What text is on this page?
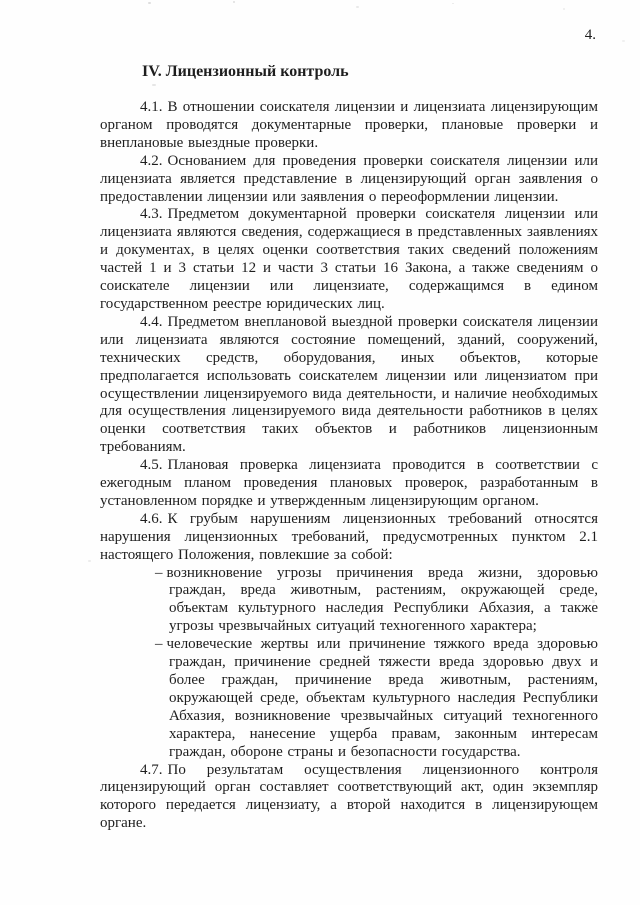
4.
IV. Лицензионный контроль

4.1. В отношении соискателя лицензии и лицензиата лицензирующим органом проводятся документарные проверки, плановые проверки и внеплановые выездные проверки.

4.2. Основанием для проведения проверки соискателя лицензии или лицензиата является представление в лицензирующий орган заявления о предоставлении лицензии или заявления о переоформлении лицензии.

4.3. Предметом документарной проверки соискателя лицензии или лицензиата являются сведения, содержащиеся в представленных заявлениях и документах, в целях оценки соответствия таких сведений положениям частей 1 и 3 статьи 12 и части 3 статьи 16 Закона, а также сведениям о соискателе лицензии или лицензиате, содержащимся в едином государственном реестре юридических лиц.

4.4. Предметом внеплановой выездной проверки соискателя лицензии или лицензиата являются состояние помещений, зданий, сооружений, технических средств, оборудования, иных объектов, которые предполагается использовать соискателем лицензии или лицензиатом при осуществлении лицензируемого вида деятельности, и наличие необходимых для осуществления лицензируемого вида деятельности работников в целях оценки соответствия таких объектов и работников лицензионным требованиям.

4.5. Плановая проверка лицензиата проводится в соответствии с ежегодным планом проведения плановых проверок, разработанным в установленном порядке и утвержденным лицензирующим органом.

4.6. К грубым нарушениям лицензионных требований относятся нарушения лицензионных требований, предусмотренных пунктом 2.1 настоящего Положения, повлекшие за собой:

– возникновение угрозы причинения вреда жизни, здоровью граждан, вреда животным, растениям, окружающей среде, объектам культурного наследия Республики Абхазия, а также угрозы чрезвычайных ситуаций техногенного характера;

– человеческие жертвы или причинение тяжкого вреда здоровью граждан, причинение средней тяжести вреда здоровью двух и более граждан, причинение вреда животным, растениям, окружающей среде, объектам культурного наследия Республики Абхазия, возникновение чрезвычайных ситуаций техногенного характера, нанесение ущерба правам, законным интересам граждан, обороне страны и безопасности государства.

4.7. По результатам осуществления лицензионного контроля лицензирующий орган составляет соответствующий акт, один экземпляр которого передается лицензиату, а второй находится в лицензирующем органе.
